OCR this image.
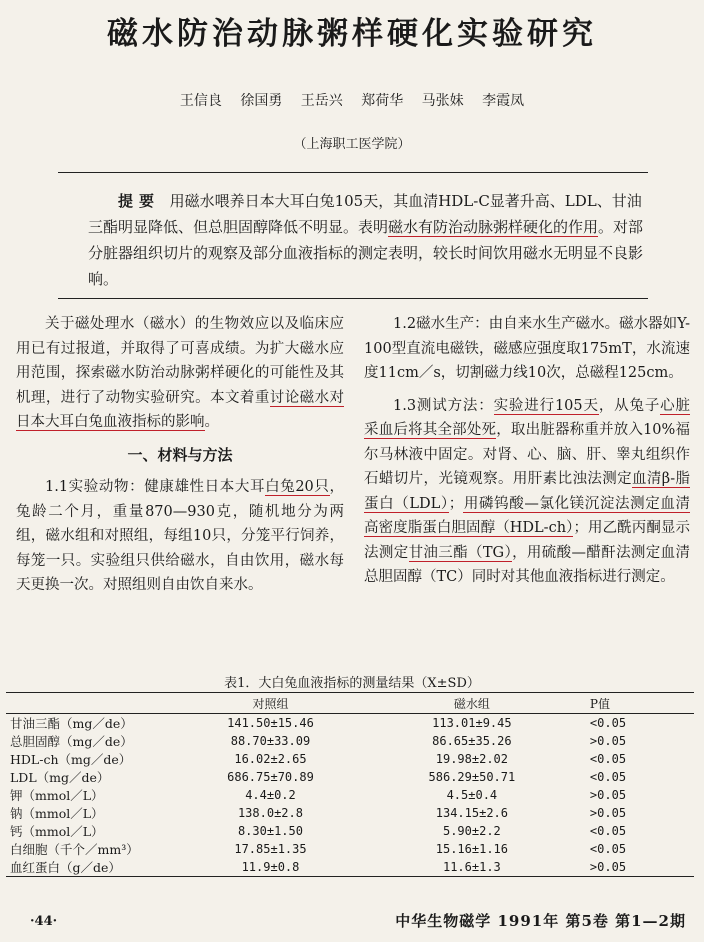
磁水防治动脉粥样硬化实验研究
王信良 徐国勇 王岳兴 郑荷华 马张妹 李霞凤
（上海职工医学院）
提要 用磁水喂养日本大耳白兔105天，其血清HDL-C显著升高、LDL、甘油三酯明显降低、但总胆固醇降低不明显。表明磁水有防治动脉粥样硬化的作用。对部分脏器组织切片的观察及部分血液指标的测定表明，较长时间饮用磁水无明显不良影响。

关于磁处理水（磁水）的生物效应以及临床应用已有过报道，并取得了可喜成绩。为扩大磁水应用范围，探索磁水防治动脉粥样硬化的可能性及其机理，进行了动物实验研究。本文着重讨论磁水对日本大耳白兔血液指标的影响。

一、材料与方法

1.1实验动物：健康雄性日本大耳白兔20只，兔龄二个月，重量870—930克，随机地分为两组，磁水组和对照组，每组10只，分笼平行饲养，每笼一只。实验组只供给磁水，自由饮用，磁水每天更换一次。对照组则自由饮自来水。

1.2磁水生产：由自来水生产磁水。磁水器如Y-100型直流电磁铁，磁感应强度取175mT，水流速度11cm／s，切割磁力线10次，总磁程125cm。

1.3测试方法：实验进行105天，从兔子心脏采血后将其全部处死，取出脏器称重并放入10%福尔马林液中固定。对肾、心、脑、肝、睾丸组织作石蜡切片，光镜观察。用肝素比浊法测定血清β-脂蛋白（LDL）；用磷钨酸—氯化镁沉淀法测定血清高密度脂蛋白胆固醇（HDL-ch）；用乙酰丙酮显示法测定甘油三酯（TG），用硫酸—醋酐法测定血清总胆固醇（TC）同时对其他血液指标进行测定。

表1．大白兔血液指标的测量结果（X±SD）
	对照组	磁水组	P值
甘油三酯（mg／de）	141.50±15.46	113.01±9.45	<0.05
总胆固醇（mg／de）	88.70±33.09	86.65±35.26	>0.05
HDL-ch（mg／de）	16.02±2.65	19.98±2.02	<0.05
LDL（mg／de）	686.75±70.89	586.29±50.71	<0.05
钾（mmol／L）	4.4±0.2	4.5±0.4	>0.05
钠（mmol／L）	138.0±2.8	134.15±2.6	>0.05
钙（mmol／L）	8.30±1.50	5.90±2.2	<0.05
白细胞（千个／mm³）	17.85±1.35	15.16±1.16	<0.05
血红蛋白（g／de）	11.9±0.8	11.6±1.3	>0.05
·44·	中华生物磁学 1991年 第5卷 第1—2期
